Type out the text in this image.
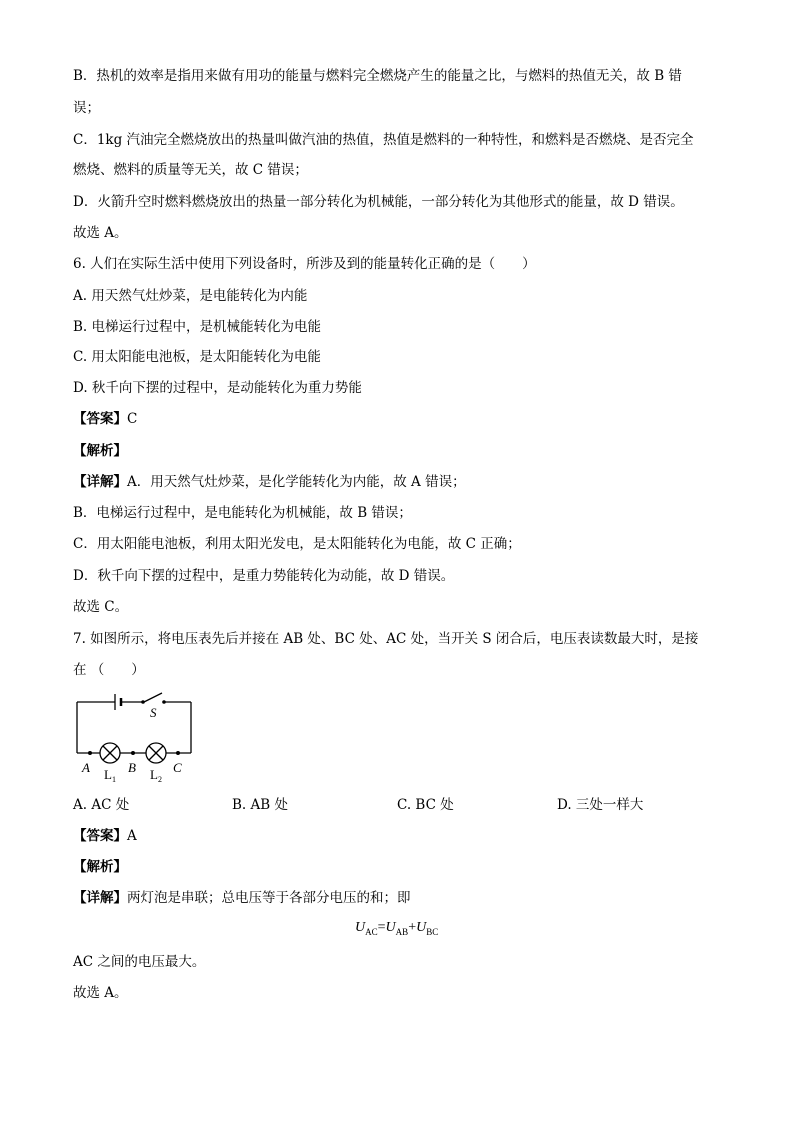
B．热机的效率是指用来做有用功的能量与燃料完全燃烧产生的能量之比，与燃料的热值无关，故 B 错
误；
C．1kg 汽油完全燃烧放出的热量叫做汽油的热值，热值是燃料的一种特性，和燃料是否燃烧、是否完全
燃烧、燃料的质量等无关，故 C 错误；
D．火箭升空时燃料燃烧放出的热量一部分转化为机械能，一部分转化为其他形式的能量，故 D 错误。
故选 A。
6. 人们在实际生活中使用下列设备时，所涉及到的能量转化正确的是（　　）
A. 用天然气灶炒菜，是电能转化为内能
B. 电梯运行过程中，是机械能转化为电能
C. 用太阳能电池板，是太阳能转化为电能
D. 秋千向下摆的过程中，是动能转化为重力势能
【答案】C
【解析】
【详解】A．用天然气灶炒菜，是化学能转化为内能，故 A 错误；
B．电梯运行过程中，是电能转化为机械能，故 B 错误；
C．用太阳能电池板，利用太阳光发电，是太阳能转化为电能，故 C 正确；
D．秋千向下摆的过程中，是重力势能转化为动能，故 D 错误。
故选 C。
7. 如图所示，将电压表先后并接在 AB 处、BC 处、AC 处，当开关 S 闭合后，电压表读数最大时，是接
在 （　　）
S
A	B	C
$L_1$	$L_2$
A. AC 处	B. AB 处	C. BC 处	D. 三处一样大
【答案】A
【解析】
【详解】两灯泡是串联；总电压等于各部分电压的和；即
$U_{AC}=U_{AB}+U_{BC}$
AC 之间的电压最大。
故选 A。
